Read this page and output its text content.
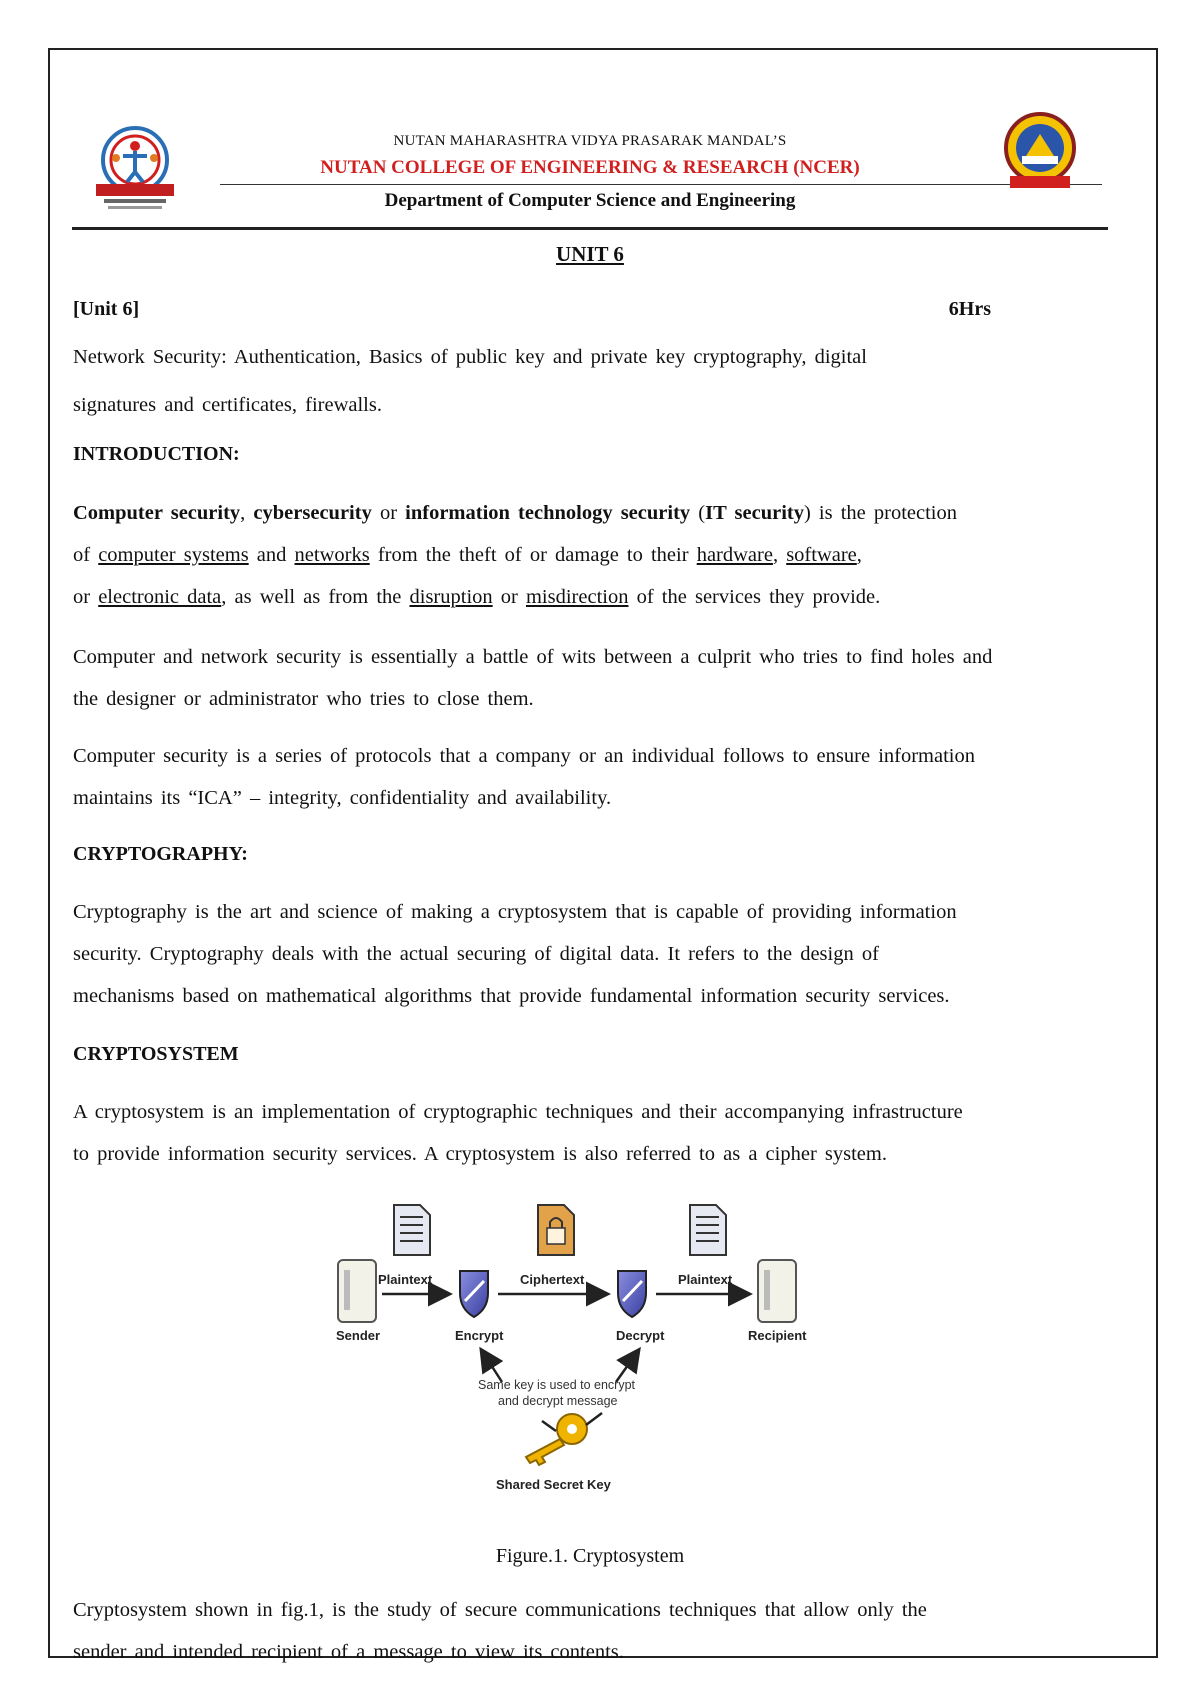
NUTAN MAHARASHTRA VIDYA PRASARAK MANDAL’S
NUTAN COLLEGE OF ENGINEERING & RESEARCH (NCER)
Department of Computer Science and Engineering
UNIT 6
[Unit 6]	6Hrs
Network Security: Authentication, Basics of public key and private key cryptography, digital
signatures and certificates, firewalls.
INTRODUCTION:
Computer security, cybersecurity or information technology security (IT security) is the protection
of computer systems and networks from the theft of or damage to their hardware, software,
or electronic data, as well as from the disruption or misdirection of the services they provide.
Computer and network security is essentially a battle of wits between a culprit who tries to find holes and
the designer or administrator who tries to close them.
Computer security is a series of protocols that a company or an individual follows to ensure information
maintains its “ICA” – integrity, confidentiality and availability.
CRYPTOGRAPHY:
Cryptography is the art and science of making a cryptosystem that is capable of providing information
security. Cryptography deals with the actual securing of digital data. It refers to the design of
mechanisms based on mathematical algorithms that provide fundamental information security services.
CRYPTOSYSTEM
A cryptosystem is an implementation of cryptographic techniques and their accompanying infrastructure
to provide information security services. A cryptosystem is also referred to as a cipher system.
Sender
Plaintext
Encrypt
Ciphertext
Decrypt
Plaintext
Recipient
Same key is used to encrypt
and decrypt message
Shared Secret Key
Figure.1. Cryptosystem
Cryptosystem shown in fig.1, is the study of secure communications techniques that allow only the
sender and intended recipient of a message to view its contents.
